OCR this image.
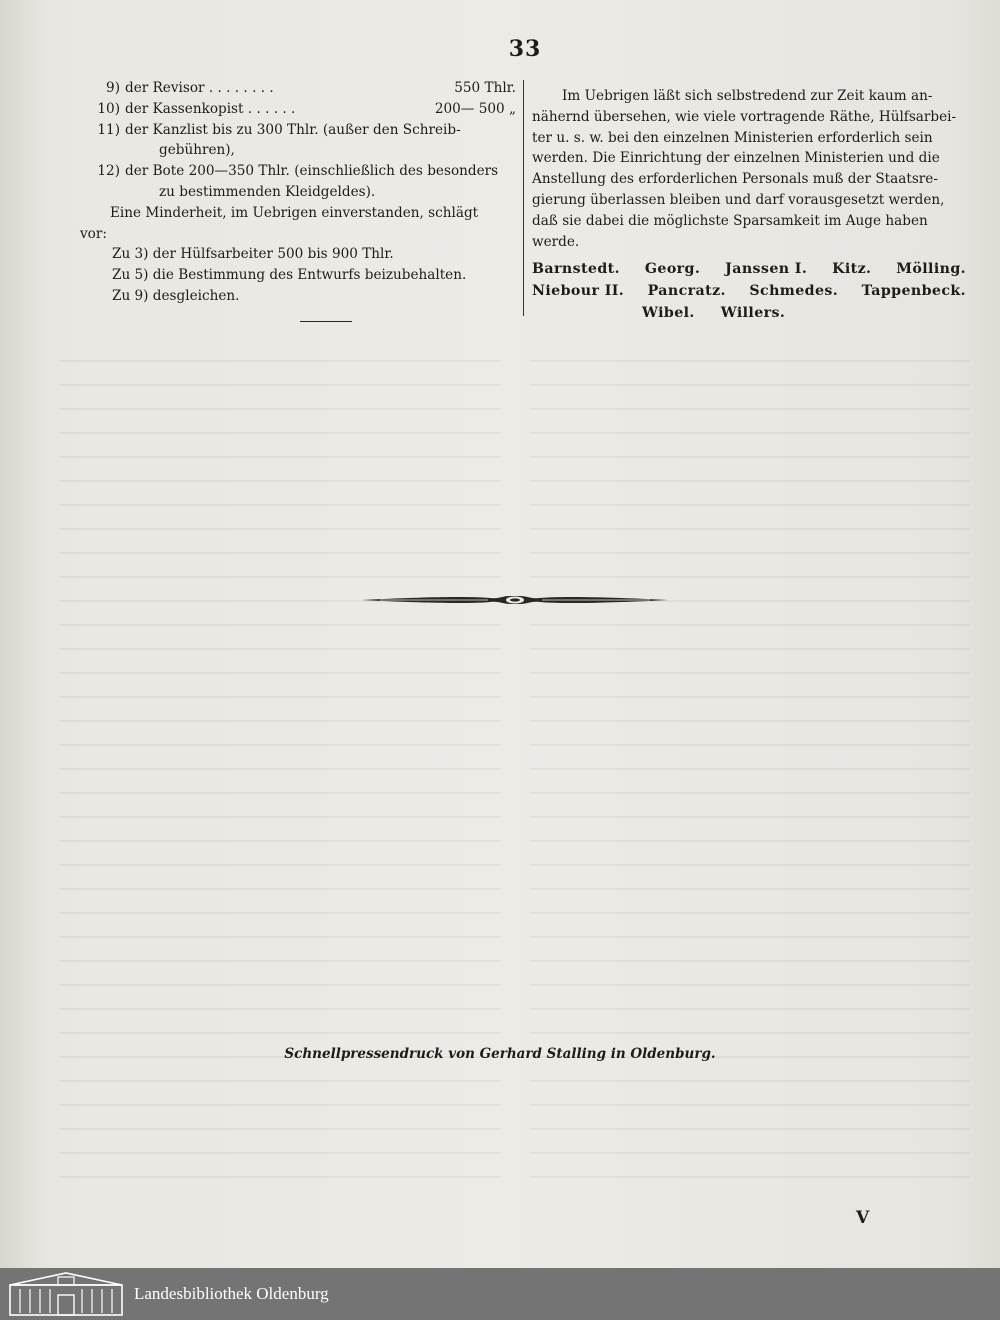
33
9) der Revisor . . . . . . . .	550 Thlr.
10) der Kassenkopist . . . . . .	200— 500 „
11) der Kanzlist bis zu 300 Thlr. (außer den Schreib-
gebühren),
12) der Bote 200—350 Thlr. (einschließlich des besonders
zu bestimmenden Kleidgeldes).
Eine Minderheit, im Uebrigen einverstanden, schlägt
vor:
Zu 3) der Hülfsarbeiter 500 bis 900 Thlr.
Zu 5) die Bestimmung des Entwurfs beizubehalten.
Zu 9) desgleichen.
Im Uebrigen läßt sich selbstredend zur Zeit kaum an-
nähernd übersehen, wie viele vortragende Räthe, Hülfsarbei-
ter u. s. w. bei den einzelnen Ministerien erforderlich sein
werden. Die Einrichtung der einzelnen Ministerien und die
Anstellung des erforderlichen Personals muß der Staatsre-
gierung überlassen bleiben und darf vorausgesetzt werden,
daß sie dabei die möglichste Sparsamkeit im Auge haben
werde.
Barnstedt. Georg. Janssen I. Kitz. Mölling.
Niebour II. Pancratz. Schmedes. Tappenbeck.
Wibel. Willers.
Schnellpressendruck von Gerhard Stalling in Oldenburg.
V
Landesbibliothek Oldenburg
